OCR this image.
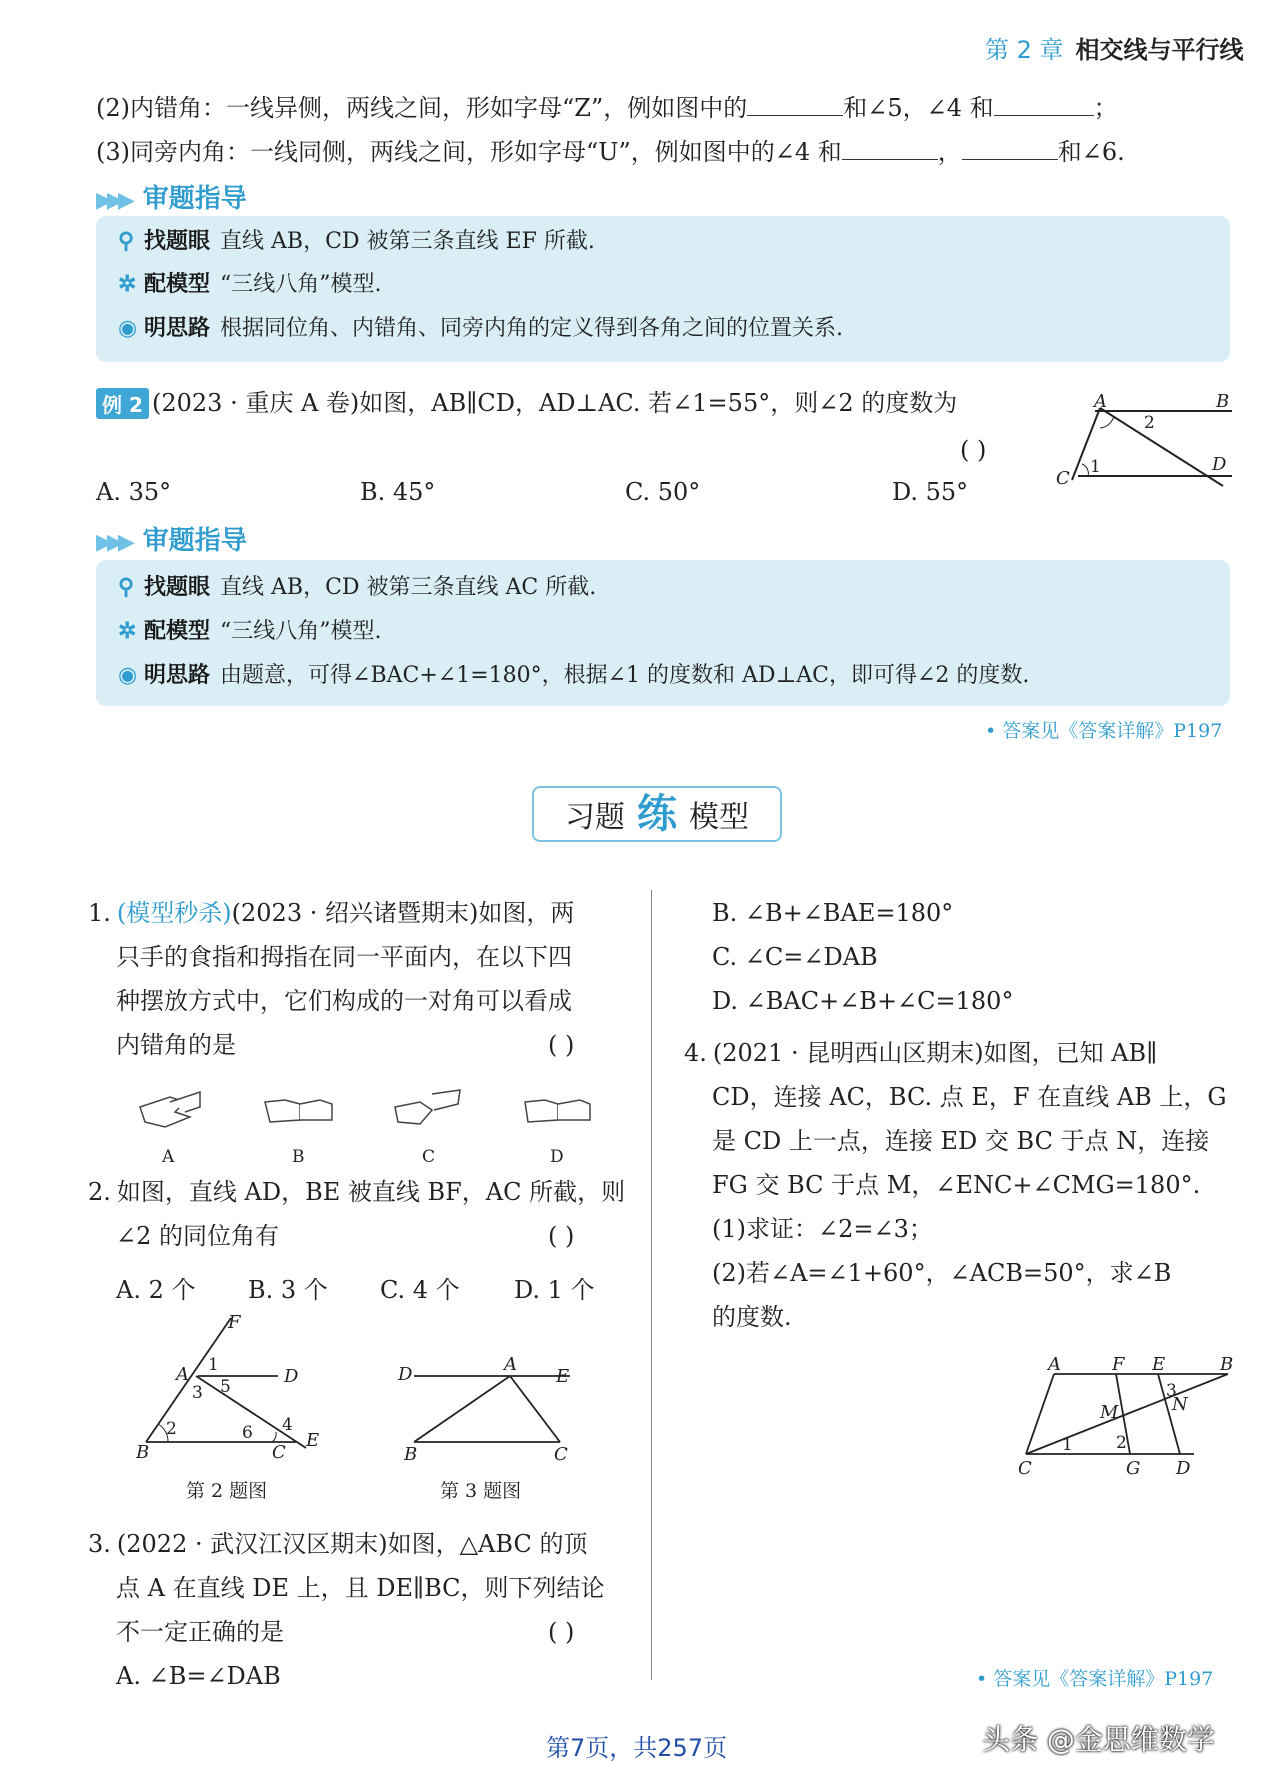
第 2 章 相交线与平行线
(2)内错角：一线异侧，两线之间，形如字母“Z”，例如图中的	和∠5，∠4 和	；
(3)同旁内角：一线同侧，两线之间，形如字母“U”，例如图中的∠4 和	，	和∠6.
▶▶▶ 审题指导
⚲ 找题眼 直线 AB，CD 被第三条直线 EF 所截.
✲ 配模型 “三线八角”模型.
◉ 明思路 根据同位角、内错角、同旁内角的定义得到各角之间的位置关系.
例 2 (2023 · 重庆 A 卷)如图，AB∥CD，AD⊥AC. 若∠1=55°，则∠2 的度数为
( )
A. 35°	B. 45°	C. 50°	D. 55°
A	B
C
D
1
2
▶▶▶ 审题指导
⚲ 找题眼 直线 AB，CD 被第三条直线 AC 所截.
✲ 配模型 “三线八角”模型.
◉ 明思路 由题意，可得∠BAC+∠1=180°，根据∠1 的度数和 AD⊥AC，即可得∠2 的度数.
• 答案见《答案详解》P197
习题 练 模型
1. (模型秒杀)(2023 · 绍兴诸暨期末)如图，两
只手的食指和拇指在同一平面内，在以下四
种摆放方式中，它们构成的一对角可以看成
内错角的是	( )
A	B	C	D
2. 如图，直线 AD，BE 被直线 BF，AC 所截，则
∠2 的同位角有	( )
A. 2 个 B. 3 个 C. 4 个 D. 1 个
F
A	D
B	C
E
1
2
3
4
5
6
第 2 题图
D	A
E
B	C
第 3 题图
3. (2022 · 武汉江汉区期末)如图，△ABC 的顶
点 A 在直线 DE 上，且 DE∥BC，则下列结论
不一定正确的是	( )
A. ∠B=∠DAB
B. ∠B+∠BAE=180°
C. ∠C=∠DAB
D. ∠BAC+∠B+∠C=180°
4. (2021 · 昆明西山区期末)如图，已知 AB∥
CD，连接 AC，BC. 点 E，F 在直线 AB 上，G
是 CD 上一点，连接 ED 交 BC 于点 N，连接
FG 交 BC 于点 M，∠ENC+∠CMG=180°.
(1)求证：∠2=∠3；
(2)若∠A=∠1+60°，∠ACB=50°，求∠B
的度数.
A	F E	B
M	N
C	G D
1	2
3
• 答案见《答案详解》P197
第7页，共257页	头条 @金思维数学
